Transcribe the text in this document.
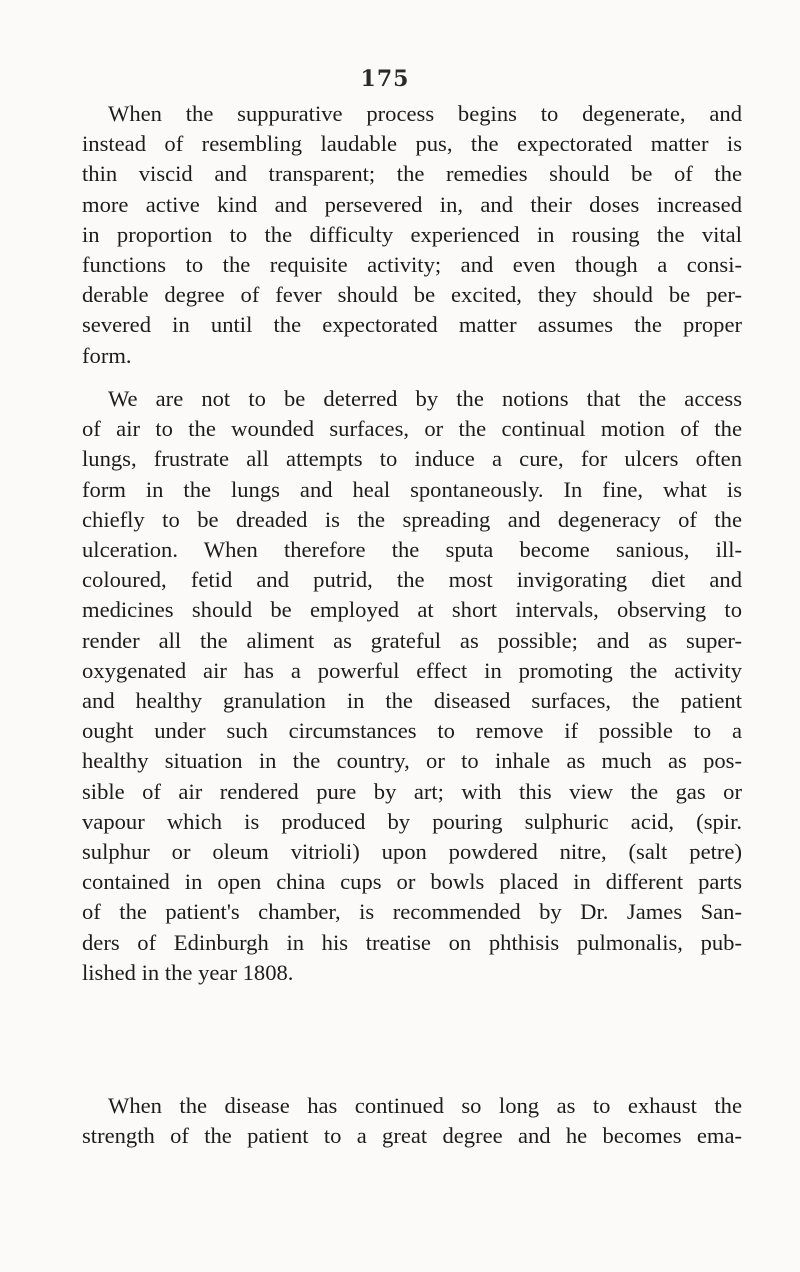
175
When the suppurative process begins to degenerate, and
instead of resembling laudable pus, the expectorated matter is
thin viscid and transparent; the remedies should be of the
more active kind and persevered in, and their doses increased
in proportion to the difficulty experienced in rousing the vital
functions to the requisite activity; and even though a consi-
derable degree of fever should be excited, they should be per-
severed in until the expectorated matter assumes the proper
form.
We are not to be deterred by the notions that the access
of air to the wounded surfaces, or the continual motion of the
lungs, frustrate all attempts to induce a cure, for ulcers often
form in the lungs and heal spontaneously. In fine, what is
chiefly to be dreaded is the spreading and degeneracy of the
ulceration. When therefore the sputa become sanious, ill-
coloured, fetid and putrid, the most invigorating diet and
medicines should be employed at short intervals, observing to
render all the aliment as grateful as possible; and as super-
oxygenated air has a powerful effect in promoting the activity
and healthy granulation in the diseased surfaces, the patient
ought under such circumstances to remove if possible to a
healthy situation in the country, or to inhale as much as pos-
sible of air rendered pure by art; with this view the gas or
vapour which is produced by pouring sulphuric acid, (spir.
sulphur or oleum vitrioli) upon powdered nitre, (salt petre)
contained in open china cups or bowls placed in different parts
of the patient's chamber, is recommended by Dr. James San-
ders of Edinburgh in his treatise on phthisis pulmonalis, pub-
lished in the year 1808.
When the disease has continued so long as to exhaust the
strength of the patient to a great degree and he becomes ema-
